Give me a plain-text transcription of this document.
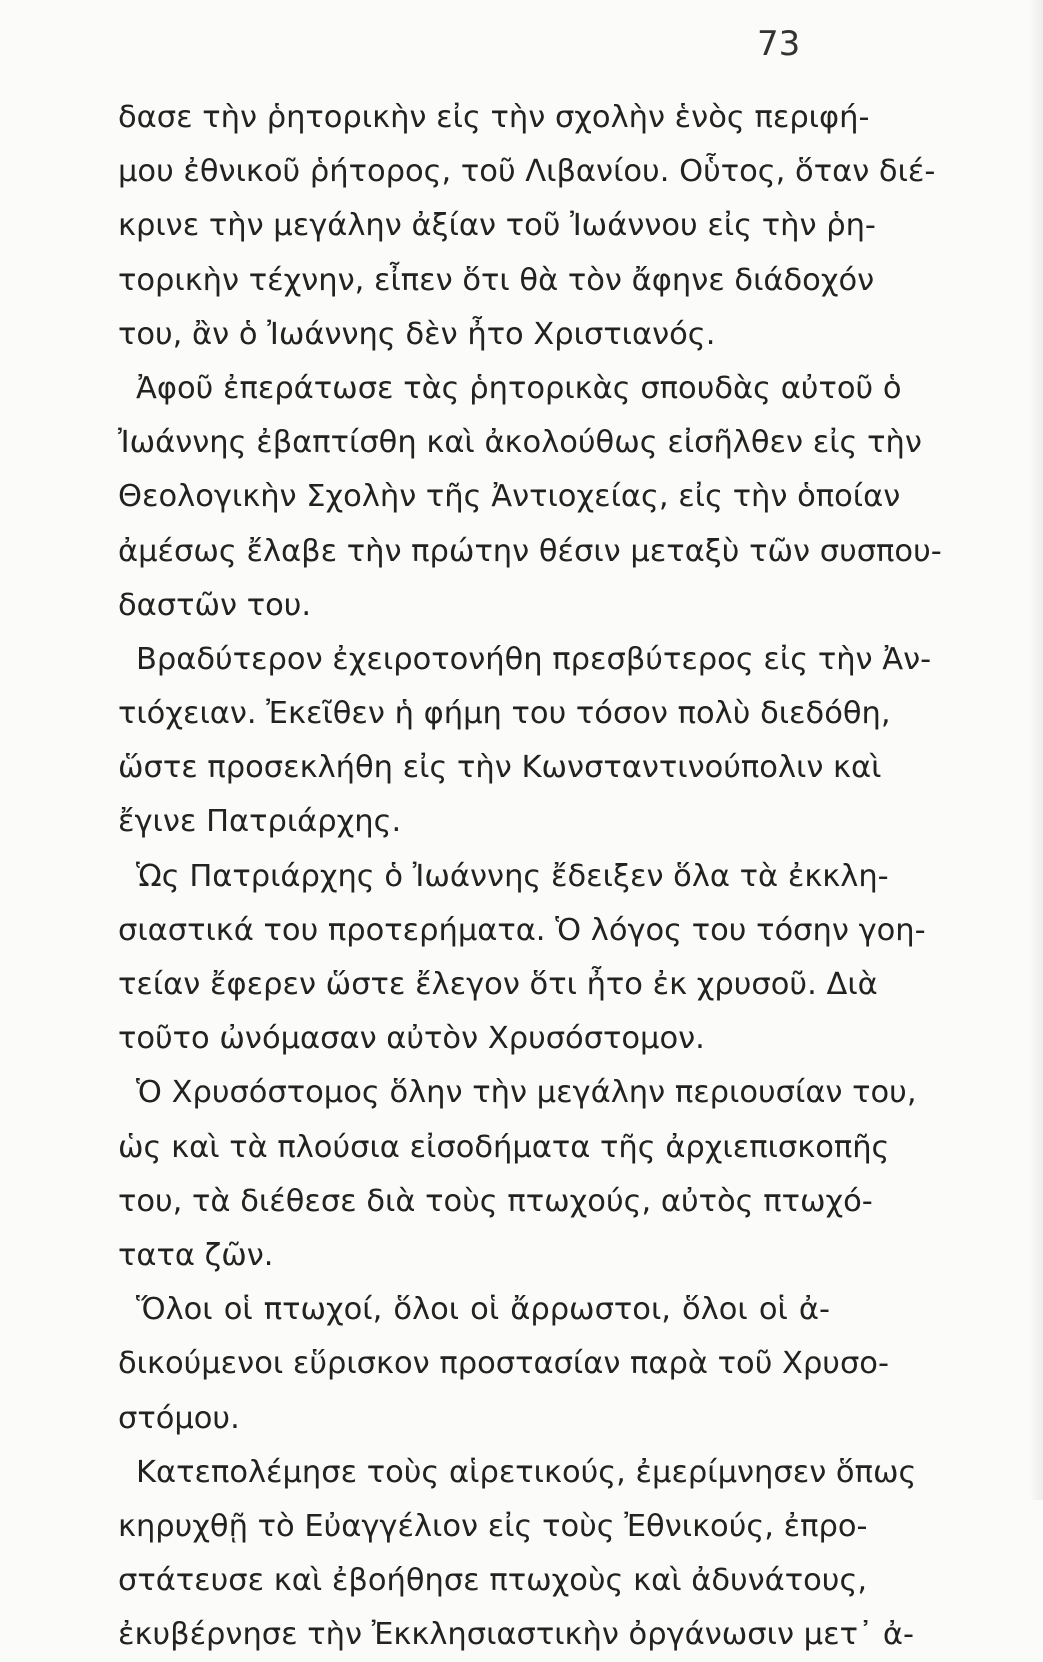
73
δασε τὴν ῥητορικὴν εἰς τὴν σχολὴν ἑνὸς περιφή-
μου ἐθνικοῦ ῥήτορος, τοῦ Λιβανίου. Οὗτος, ὅταν διέ-
κρινε τὴν μεγάλην ἀξίαν τοῦ Ἰωάννου εἰς τὴν ῥη-
τορικὴν τέχνην, εἶπεν ὅτι θὰ τὸν ἄφηνε διάδοχόν
του, ἂν ὁ Ἰωάννης δὲν ἦτο Χριστιανός.
Ἀφοῦ ἐπεράτωσε τὰς ῥητορικὰς σπουδὰς αὐτοῦ ὁ
Ἰωάννης ἐβαπτίσθη καὶ ἀκολούθως εἰσῆλθεν εἰς τὴν
Θεολογικὴν Σχολὴν τῆς Ἀντιοχείας, εἰς τὴν ὁποίαν
ἀμέσως ἔλαβε τὴν πρώτην θέσιν μεταξὺ τῶν συσπου-
δαστῶν του.
Βραδύτερον ἐχειροτονήθη πρεσβύτερος εἰς τὴν Ἀν-
τιόχειαν. Ἐκεῖθεν ἡ φήμη του τόσον πολὺ διεδόθη,
ὥστε προσεκλήθη εἰς τὴν Κωνσταντινούπολιν καὶ
ἔγινε Πατριάρχης.
Ὡς Πατριάρχης ὁ Ἰωάννης ἔδειξεν ὅλα τὰ ἐκκλη-
σιαστικά του προτερήματα. Ὁ λόγος του τόσην γοη-
τείαν ἔφερεν ὥστε ἔλεγον ὅτι ἦτο ἐκ χρυσοῦ. Διὰ
τοῦτο ὠνόμασαν αὐτὸν Χρυσόστομον.
Ὁ Χρυσόστομος ὅλην τὴν μεγάλην περιουσίαν του,
ὡς καὶ τὰ πλούσια εἰσοδήματα τῆς ἀρχιεπισκοπῆς
του, τὰ διέθεσε διὰ τοὺς πτωχούς, αὐτὸς πτωχό-
τατα ζῶν.
Ὅλοι οἱ πτωχοί, ὅλοι οἱ ἄρρωστοι, ὅλοι οἱ ἀ-
δικούμενοι εὕρισκον προστασίαν παρὰ τοῦ Χρυσο-
στόμου.
Κατεπολέμησε τοὺς αἱρετικούς, ἐμερίμνησεν ὅπως
κηρυχθῇ τὸ Εὐαγγέλιον εἰς τοὺς Ἐθνικούς, ἐπρο-
στάτευσε καὶ ἐβοήθησε πτωχοὺς καὶ ἀδυνάτους,
ἐκυβέρνησε τὴν Ἐκκλησιαστικὴν ὀργάνωσιν μετ᾽ ἀ-
